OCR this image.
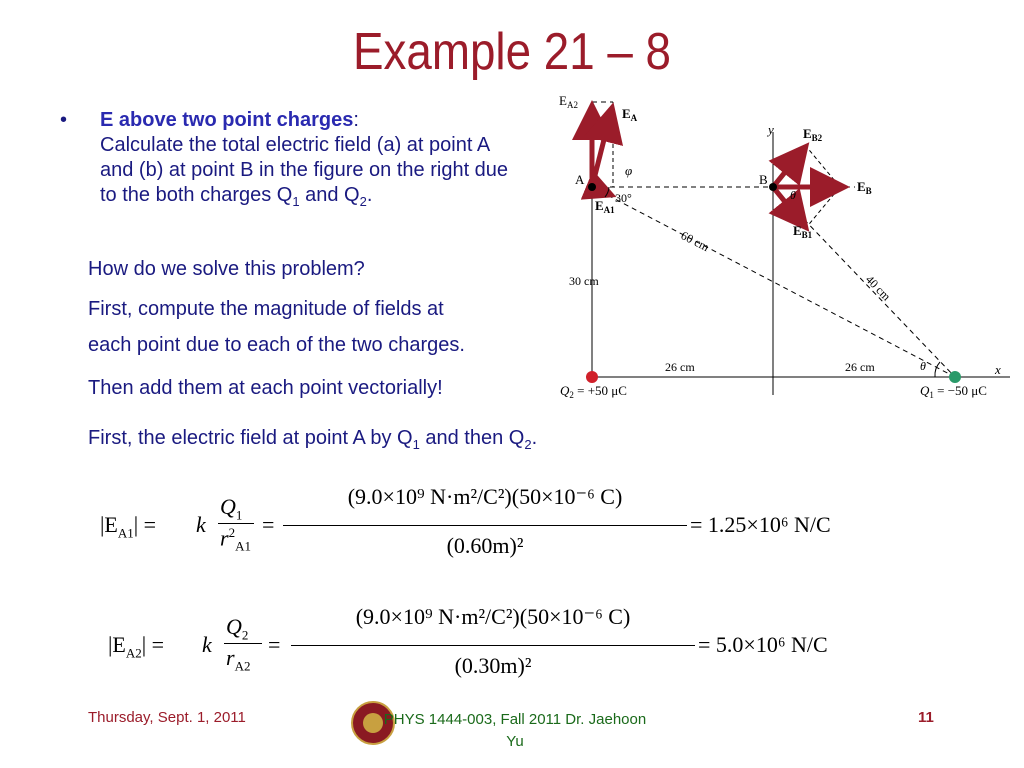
Example 21 – 8
• E above two point charges:
Calculate the total electric field (a) at point A and (b) at point B in the figure on the right due to the both charges $Q_1$ and $Q_2$.
How do we solve this problem?
First, compute the magnitude of fields at
each point due to each of the two charges.
Then add them at each point vectorially!
First, the electric field at point A by $Q_1$ and then $Q_2$.
$E_{A2}$
$E_A$
$E_{A1}$
A	B
y
x
$E_{B2}$
$E_B$
$E_{B1}$
φ
30°	θ
θ
60 cm
40 cm
30 cm
26 cm	26 cm
$Q_2 = +50$ μC	$Q_1 = -50$ μC
$|E_{A1}| = k$
$Q_1$
$r^2_{A1}$
=
(9.0×10⁹ N·m²/C²)(50×10⁻⁶ C)
(0.60m)²
= 1.25×10⁶ N/C
$|E_{A2}| = k$
$Q_2$
$r_{A2}$
=
(9.0×10⁹ N·m²/C²)(50×10⁻⁶ C)
(0.30m)²
= 5.0×10⁶ N/C
Thursday, Sept. 1, 2011	PHYS 1444-003, Fall 2011 Dr. Jaehoon
Yu
11
